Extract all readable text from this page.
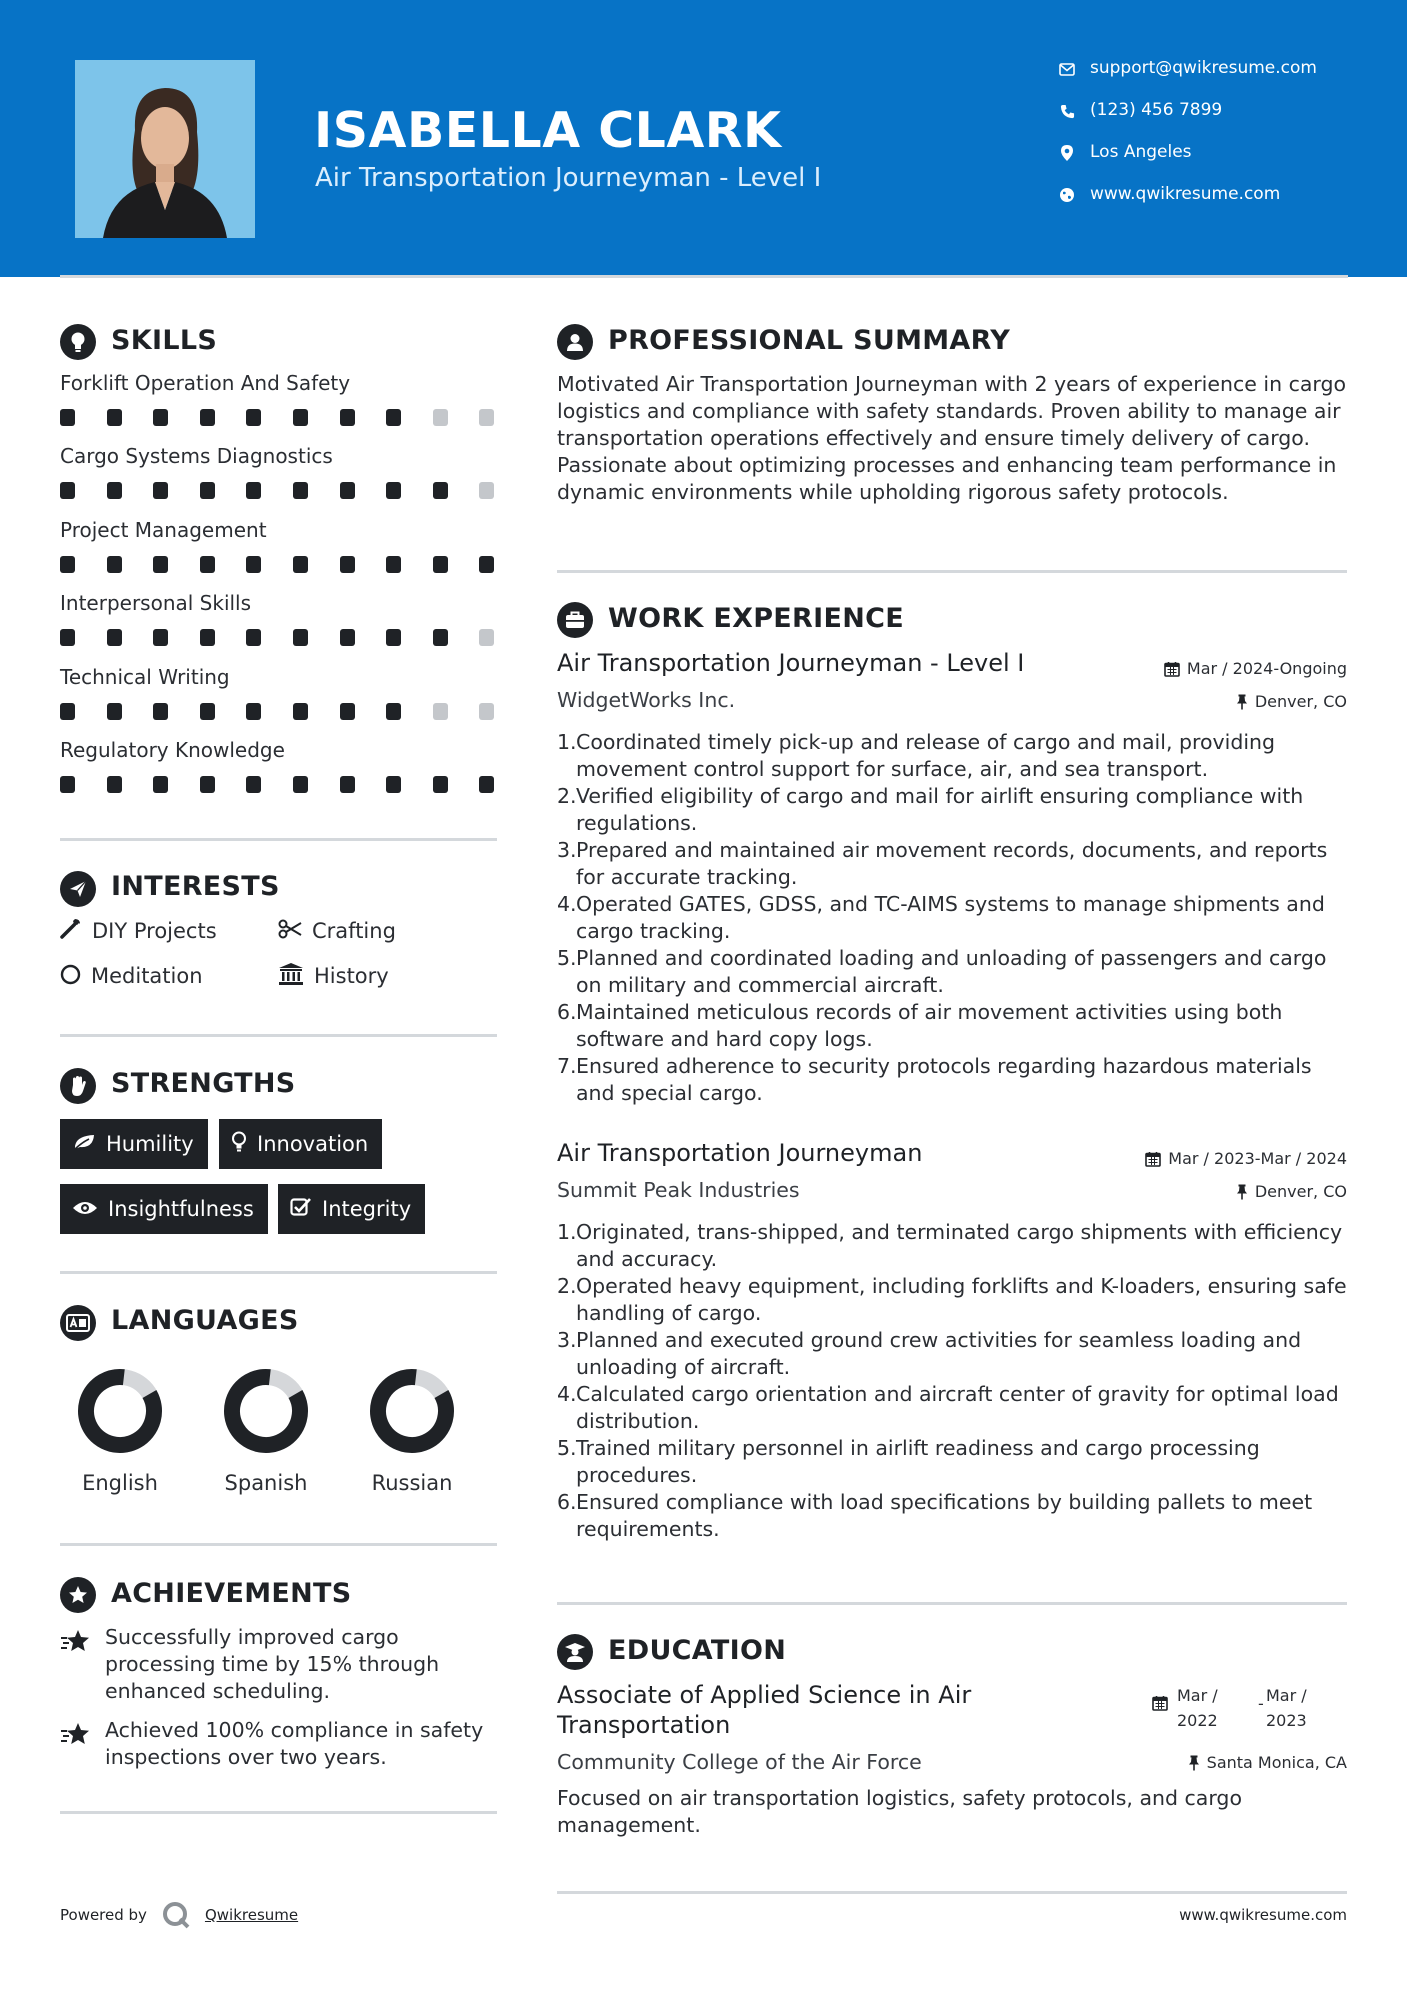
ISABELLA CLARK
Air Transportation Journeyman - Level I
support@qwikresume.com
(123) 456 7899
Los Angeles
www.qwikresume.com
SKILLS
Forklift Operation And Safety
Cargo Systems Diagnostics
Project Management
Interpersonal Skills
Technical Writing
Regulatory Knowledge
INTERESTS
DIY Projects	Crafting
Meditation	History
STRENGTHS
Humility	Innovation
Insightfulness	Integrity
LANGUAGES
English	Spanish	Russian
ACHIEVEMENTS
Successfully improved cargo processing time by 15% through enhanced scheduling.
Achieved 100% compliance in safety inspections over two years.
PROFESSIONAL SUMMARY
Motivated Air Transportation Journeyman with 2 years of experience in cargo logistics and compliance with safety standards. Proven ability to manage air transportation operations effectively and ensure timely delivery of cargo. Passionate about optimizing processes and enhancing team performance in dynamic environments while upholding rigorous safety protocols.
WORK EXPERIENCE
Air Transportation Journeyman - Level I	Mar / 2024-Ongoing
WidgetWorks Inc.	Denver, CO
1. Coordinated timely pick-up and release of cargo and mail, providing movement control support for surface, air, and sea transport.
2. Verified eligibility of cargo and mail for airlift ensuring compliance with regulations.
3. Prepared and maintained air movement records, documents, and reports for accurate tracking.
4. Operated GATES, GDSS, and TC-AIMS systems to manage shipments and cargo tracking.
5. Planned and coordinated loading and unloading of passengers and cargo on military and commercial aircraft.
6. Maintained meticulous records of air movement activities using both software and hard copy logs.
7. Ensured adherence to security protocols regarding hazardous materials and special cargo.
Air Transportation Journeyman	Mar / 2023-Mar / 2024
Summit Peak Industries	Denver, CO
1. Originated, trans-shipped, and terminated cargo shipments with efficiency and accuracy.
2. Operated heavy equipment, including forklifts and K-loaders, ensuring safe handling of cargo.
3. Planned and executed ground crew activities for seamless loading and unloading of aircraft.
4. Calculated cargo orientation and aircraft center of gravity for optimal load distribution.
5. Trained military personnel in airlift readiness and cargo processing procedures.
6. Ensured compliance with load specifications by building pallets to meet requirements.
EDUCATION
Associate of Applied Science in Air Transportation
Mar / 2022
- Mar / 2023
Community College of the Air Force	Santa Monica, CA
Focused on air transportation logistics, safety protocols, and cargo management.
Powered by	Qwikresume	www.qwikresume.com
